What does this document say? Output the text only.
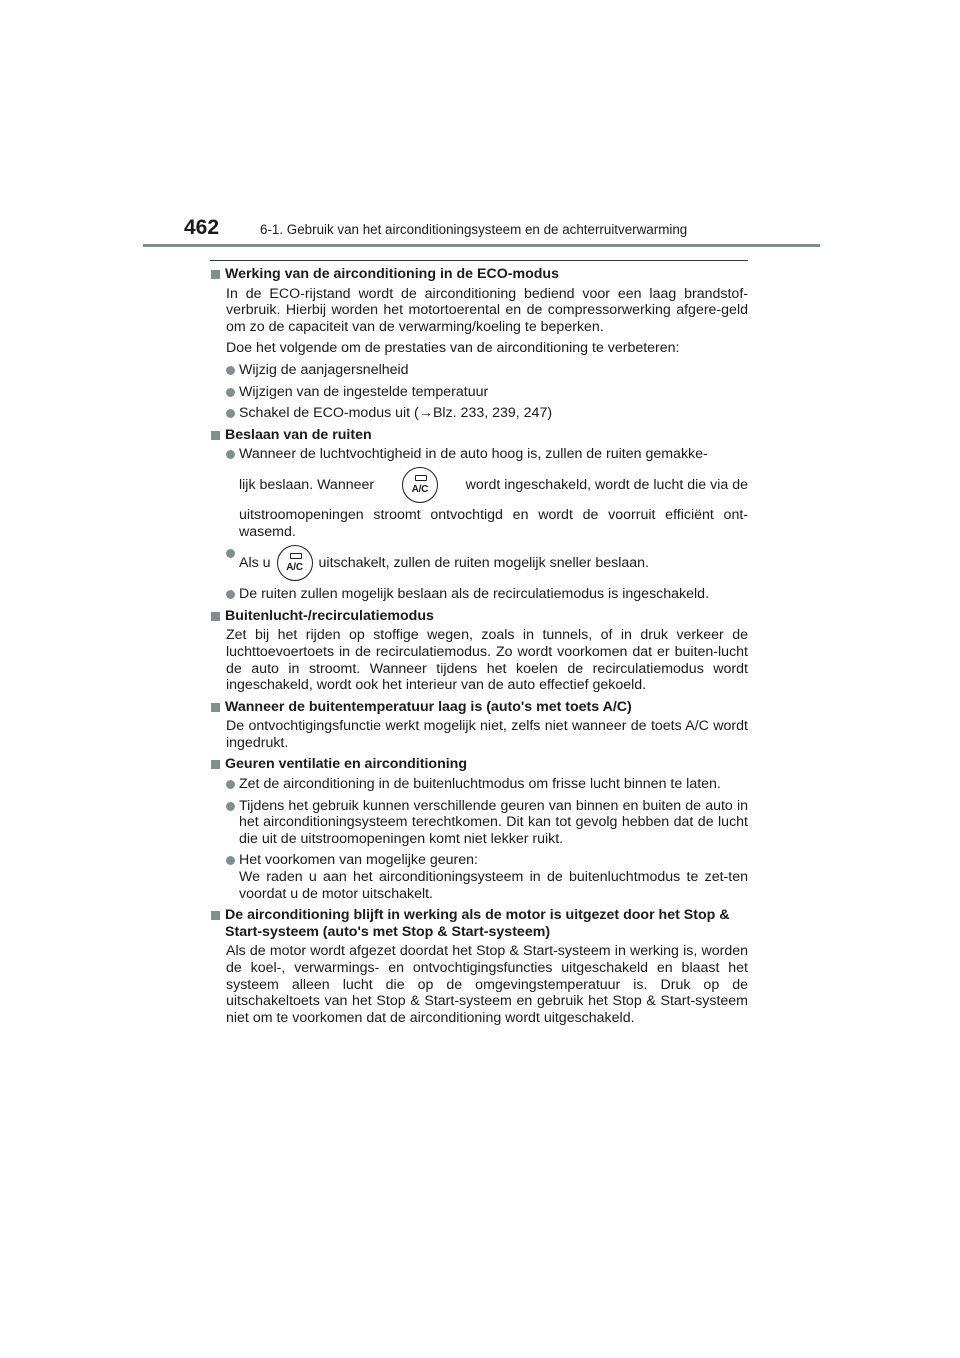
462	6-1. Gebruik van het airconditioningsysteem en de achterruitverwarming
Werking van de airconditioning in de ECO-modus
In de ECO-rijstand wordt de airconditioning bediend voor een laag brandstof-verbruik. Hierbij worden het motortoerental en de compressorwerking afgere-geld om zo de capaciteit van de verwarming/koeling te beperken.
Doe het volgende om de prestaties van de airconditioning te verbeteren:
Wijzig de aanjagersnelheid
Wijzigen van de ingestelde temperatuur
Schakel de ECO-modus uit (→Blz. 233, 239, 247)
Beslaan van de ruiten
Wanneer de luchtvochtigheid in de auto hoog is, zullen de ruiten gemakke-
lijk beslaan. Wanneer	A/C	wordt ingeschakeld, wordt de lucht die via de
uitstroomopeningen stroomt ontvochtigd en wordt de voorruit efficiënt ont-wasemd.
Als u	A/C	uitschakelt, zullen de ruiten mogelijk sneller beslaan.
De ruiten zullen mogelijk beslaan als de recirculatiemodus is ingeschakeld.
Buitenlucht-/recirculatiemodus
Zet bij het rijden op stoffige wegen, zoals in tunnels, of in druk verkeer de luchttoevoertoets in de recirculatiemodus. Zo wordt voorkomen dat er buiten-lucht de auto in stroomt. Wanneer tijdens het koelen de recirculatiemodus wordt ingeschakeld, wordt ook het interieur van de auto effectief gekoeld.
Wanneer de buitentemperatuur laag is (auto's met toets A/C)
De ontvochtigingsfunctie werkt mogelijk niet, zelfs niet wanneer de toets A/C wordt ingedrukt.
Geuren ventilatie en airconditioning
Zet de airconditioning in de buitenluchtmodus om frisse lucht binnen te laten.
Tijdens het gebruik kunnen verschillende geuren van binnen en buiten de auto in het airconditioningsysteem terechtkomen. Dit kan tot gevolg hebben dat de lucht die uit de uitstroomopeningen komt niet lekker ruikt.
Het voorkomen van mogelijke geuren:
We raden u aan het airconditioningsysteem in de buitenluchtmodus te zet-ten voordat u de motor uitschakelt.
De airconditioning blijft in werking als de motor is uitgezet door het Stop & Start-systeem (auto's met Stop & Start-systeem)
Als de motor wordt afgezet doordat het Stop & Start-systeem in werking is, worden de koel-, verwarmings- en ontvochtigingsfuncties uitgeschakeld en blaast het systeem alleen lucht die op de omgevingstemperatuur is. Druk op de uitschakeltoets van het Stop & Start-systeem en gebruik het Stop & Start-systeem niet om te voorkomen dat de airconditioning wordt uitgeschakeld.
